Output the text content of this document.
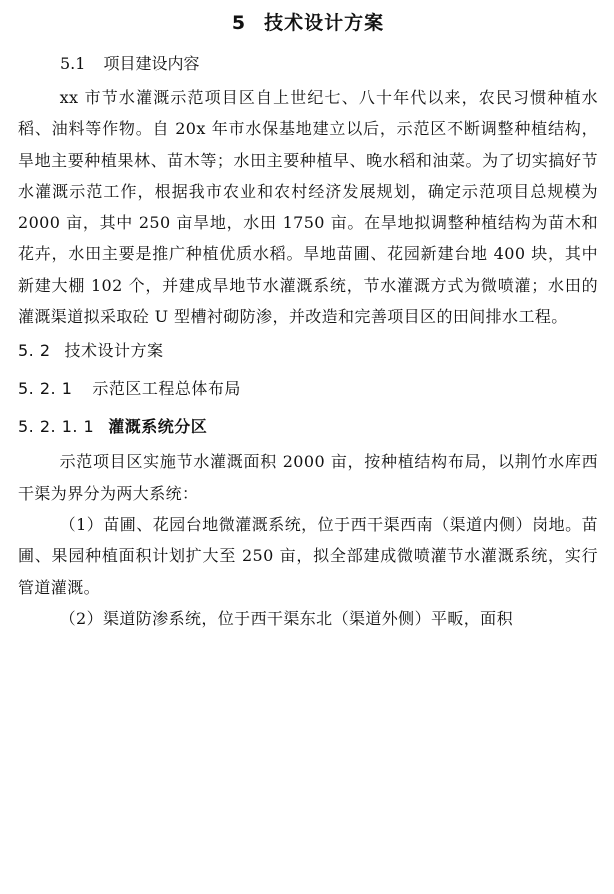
5 技术设计方案
5.1 项目建设内容

xx 市节水灌溉示范项目区自上世纪七、八十年代以来，农民习惯种植水稻、油料等作物。自 20x 年市水保基地建立以后，示范区不断调整种植结构，旱地主要种植果林、苗木等；水田主要种植早、晚水稻和油菜。为了切实搞好节水灌溉示范工作，根据我市农业和农村经济发展规划，确定示范项目总规模为 2000 亩，其中 250 亩旱地，水田 1750 亩。在旱地拟调整种植结构为苗木和花卉，水田主要是推广种植优质水稻。旱地苗圃、花园新建台地 400 块，其中新建大棚 102 个，并建成旱地节水灌溉系统，节水灌溉方式为微喷灌；水田的灌溉渠道拟采取砼 U 型槽衬砌防渗，并改造和完善项目区的田间排水工程。

5. 2 技术设计方案
5. 2. 1 示范区工程总体布局
5. 2. 1. 1 灌溉系统分区

示范项目区实施节水灌溉面积 2000 亩，按种植结构布局，以荆竹水库西干渠为界分为两大系统：

（1）苗圃、花园台地微灌溉系统，位于西干渠西南（渠道内侧）岗地。苗圃、果园种植面积计划扩大至 250 亩，拟全部建成微喷灌节水灌溉系统，实行管道灌溉。

（2）渠道防渗系统，位于西干渠东北（渠道外侧）平畈，面积
